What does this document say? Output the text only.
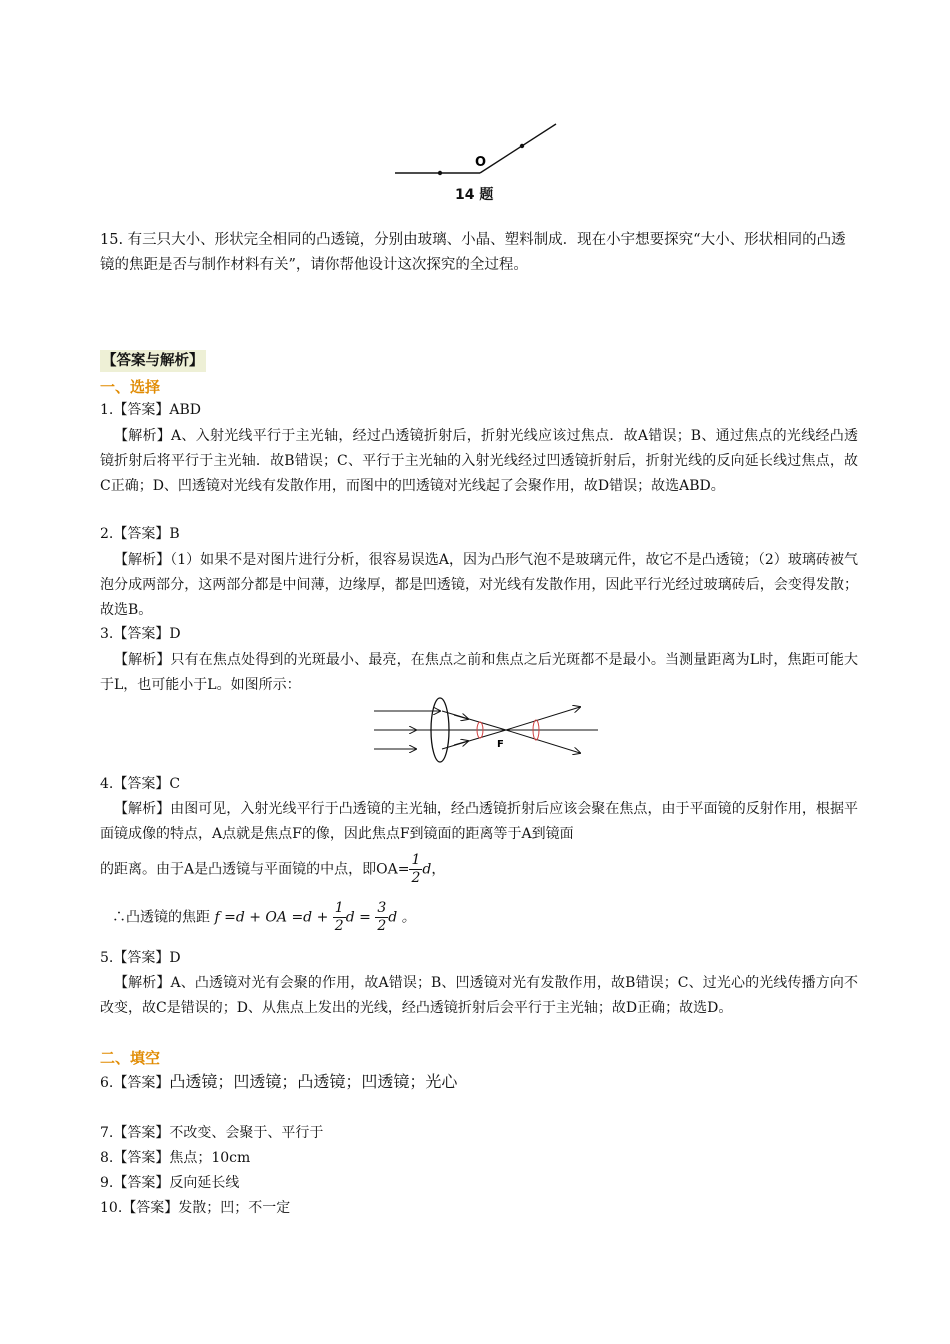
O
14 题
15. 有三只大小、形状完全相同的凸透镜，分别由玻璃、小晶、塑料制成．现在小宇想要探究“大小、形状相同的凸透镜的焦距是否与制作材料有关”，请你帮他设计这次探究的全过程。
【答案与解析】
一、选择
1.【答案】ABD
【解析】A、入射光线平行于主光轴，经过凸透镜折射后，折射光线应该过焦点．故A错误；B、通过焦点的光线经凸透镜折射后将平行于主光轴．故B错误；C、平行于主光轴的入射光线经过凹透镜折射后，折射光线的反向延长线过焦点，故C正确；D、凹透镜对光线有发散作用，而图中的凹透镜对光线起了会聚作用，故D错误；故选ABD。
2.【答案】B
【解析】（1）如果不是对图片进行分析，很容易误选A，因为凸形气泡不是玻璃元件，故它不是凸透镜；（2）玻璃砖被气泡分成两部分，这两部分都是中间薄，边缘厚，都是凹透镜，对光线有发散作用，因此平行光经过玻璃砖后，会变得发散；故选B。
3.【答案】D
【解析】只有在焦点处得到的光斑最小、最亮，在焦点之前和焦点之后光斑都不是最小。当测量距离为L时，焦距可能大于L，也可能小于L。如图所示：
F
4.【答案】C
【解析】由图可见，入射光线平行于凸透镜的主光轴，经凸透镜折射后应该会聚在焦点，由于平面镜的反射作用，根据平面镜成像的特点，A点就是焦点F的像，因此焦点F到镜面的距离等于A到镜面
的距离。由于A是凸透镜与平面镜的中点，即$OA= \frac{1}{2}$ d，
∴凸透镜的焦距 f =d + OA $=d + \frac{1}{2}$ $d = \frac{3}{2}$ d 。
5.【答案】D
【解析】A、凸透镜对光有会聚的作用，故A错误；B、凹透镜对光有发散作用，故B错误；C、过光心的光线传播方向不改变，故C是错误的；D、从焦点上发出的光线，经凸透镜折射后会平行于主光轴；故D正确；故选D。
二、填空
6.【答案】凸透镜；凹透镜；凸透镜；凹透镜；光心
7.【答案】不改变、会聚于、平行于
8.【答案】焦点；10cm
9.【答案】反向延长线
10.【答案】发散；凹；不一定
